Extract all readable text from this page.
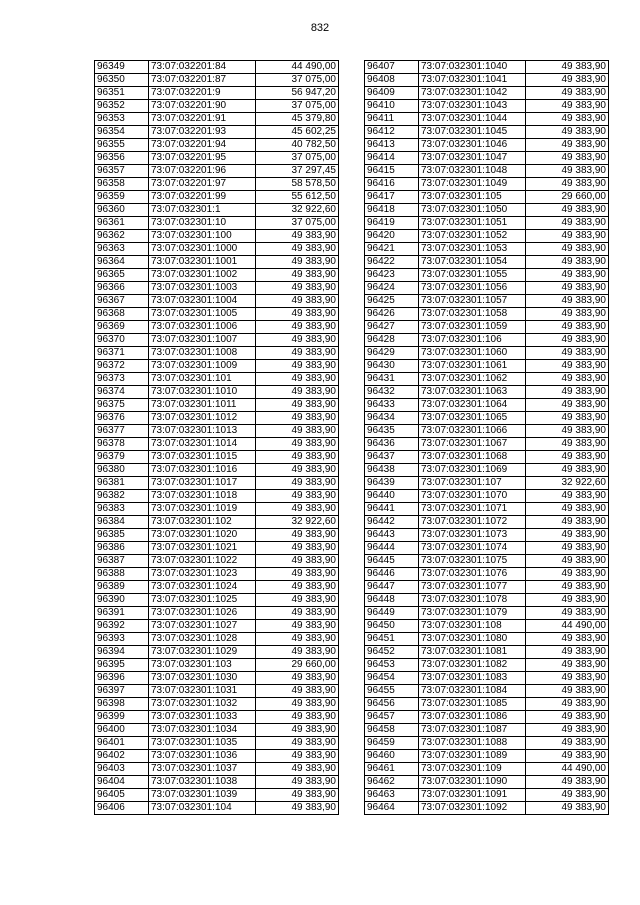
832
96349	73:07:032201:84	44 490,00
96350	73:07:032201:87	37 075,00
96351	73:07:032201:9	56 947,20
96352	73:07:032201:90	37 075,00
96353	73:07:032201:91	45 379,80
96354	73:07:032201:93	45 602,25
96355	73:07:032201:94	40 782,50
96356	73:07:032201:95	37 075,00
96357	73:07:032201:96	37 297,45
96358	73:07:032201:97	58 578,50
96359	73:07:032201:99	55 612,50
96360	73:07:032301:1	32 922,60
96361	73:07:032301:10	37 075,00
96362	73:07:032301:100	49 383,90
96363	73:07:032301:1000	49 383,90
96364	73:07:032301:1001	49 383,90
96365	73:07:032301:1002	49 383,90
96366	73:07:032301:1003	49 383,90
96367	73:07:032301:1004	49 383,90
96368	73:07:032301:1005	49 383,90
96369	73:07:032301:1006	49 383,90
96370	73:07:032301:1007	49 383,90
96371	73:07:032301:1008	49 383,90
96372	73:07:032301:1009	49 383,90
96373	73:07:032301:101	49 383,90
96374	73:07:032301:1010	49 383,90
96375	73:07:032301:1011	49 383,90
96376	73:07:032301:1012	49 383,90
96377	73:07:032301:1013	49 383,90
96378	73:07:032301:1014	49 383,90
96379	73:07:032301:1015	49 383,90
96380	73:07:032301:1016	49 383,90
96381	73:07:032301:1017	49 383,90
96382	73:07:032301:1018	49 383,90
96383	73:07:032301:1019	49 383,90
96384	73:07:032301:102	32 922,60
96385	73:07:032301:1020	49 383,90
96386	73:07:032301:1021	49 383,90
96387	73:07:032301:1022	49 383,90
96388	73:07:032301:1023	49 383,90
96389	73:07:032301:1024	49 383,90
96390	73:07:032301:1025	49 383,90
96391	73:07:032301:1026	49 383,90
96392	73:07:032301:1027	49 383,90
96393	73:07:032301:1028	49 383,90
96394	73:07:032301:1029	49 383,90
96395	73:07:032301:103	29 660,00
96396	73:07:032301:1030	49 383,90
96397	73:07:032301:1031	49 383,90
96398	73:07:032301:1032	49 383,90
96399	73:07:032301:1033	49 383,90
96400	73:07:032301:1034	49 383,90
96401	73:07:032301:1035	49 383,90
96402	73:07:032301:1036	49 383,90
96403	73:07:032301:1037	49 383,90
96404	73:07:032301:1038	49 383,90
96405	73:07:032301:1039	49 383,90
96406	73:07:032301:104	49 383,90
96407	73:07:032301:1040	49 383,90
96408	73:07:032301:1041	49 383,90
96409	73:07:032301:1042	49 383,90
96410	73:07:032301:1043	49 383,90
96411	73:07:032301:1044	49 383,90
96412	73:07:032301:1045	49 383,90
96413	73:07:032301:1046	49 383,90
96414	73:07:032301:1047	49 383,90
96415	73:07:032301:1048	49 383,90
96416	73:07:032301:1049	49 383,90
96417	73:07:032301:105	29 660,00
96418	73:07:032301:1050	49 383,90
96419	73:07:032301:1051	49 383,90
96420	73:07:032301:1052	49 383,90
96421	73:07:032301:1053	49 383,90
96422	73:07:032301:1054	49 383,90
96423	73:07:032301:1055	49 383,90
96424	73:07:032301:1056	49 383,90
96425	73:07:032301:1057	49 383,90
96426	73:07:032301:1058	49 383,90
96427	73:07:032301:1059	49 383,90
96428	73:07:032301:106	49 383,90
96429	73:07:032301:1060	49 383,90
96430	73:07:032301:1061	49 383,90
96431	73:07:032301:1062	49 383,90
96432	73:07:032301:1063	49 383,90
96433	73:07:032301:1064	49 383,90
96434	73:07:032301:1065	49 383,90
96435	73:07:032301:1066	49 383,90
96436	73:07:032301:1067	49 383,90
96437	73:07:032301:1068	49 383,90
96438	73:07:032301:1069	49 383,90
96439	73:07:032301:107	32 922,60
96440	73:07:032301:1070	49 383,90
96441	73:07:032301:1071	49 383,90
96442	73:07:032301:1072	49 383,90
96443	73:07:032301:1073	49 383,90
96444	73:07:032301:1074	49 383,90
96445	73:07:032301:1075	49 383,90
96446	73:07:032301:1076	49 383,90
96447	73:07:032301:1077	49 383,90
96448	73:07:032301:1078	49 383,90
96449	73:07:032301:1079	49 383,90
96450	73:07:032301:108	44 490,00
96451	73:07:032301:1080	49 383,90
96452	73:07:032301:1081	49 383,90
96453	73:07:032301:1082	49 383,90
96454	73:07:032301:1083	49 383,90
96455	73:07:032301:1084	49 383,90
96456	73:07:032301:1085	49 383,90
96457	73:07:032301:1086	49 383,90
96458	73:07:032301:1087	49 383,90
96459	73:07:032301:1088	49 383,90
96460	73:07:032301:1089	49 383,90
96461	73:07:032301:109	44 490,00
96462	73:07:032301:1090	49 383,90
96463	73:07:032301:1091	49 383,90
96464	73:07:032301:1092	49 383,90
